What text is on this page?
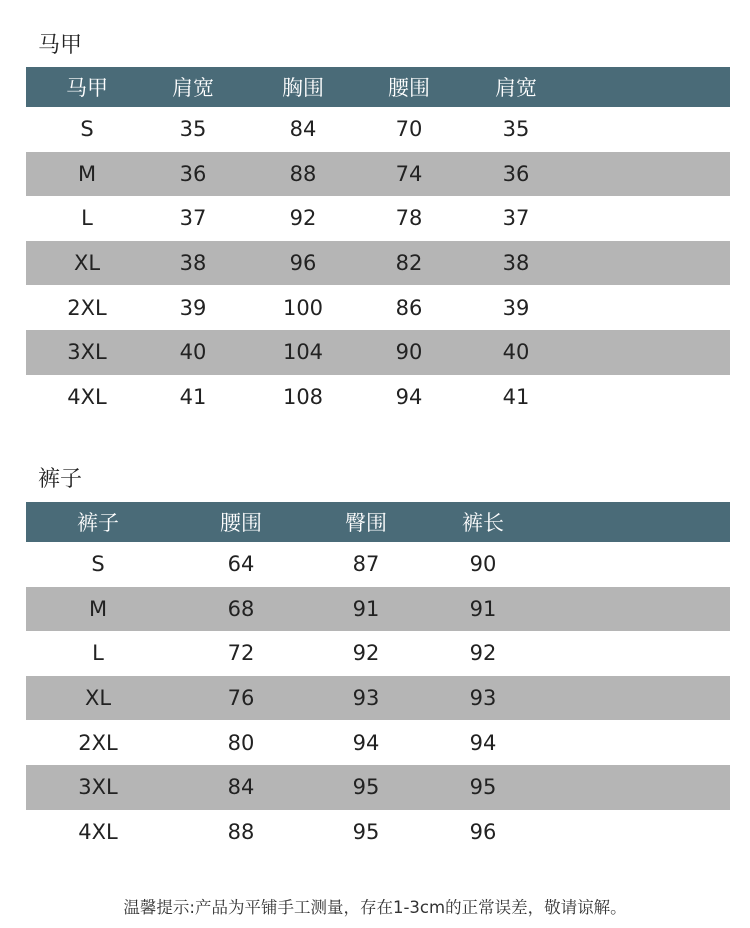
马甲
马甲	肩宽	胸围	腰围	肩宽
S	35	84	70	35
M	36	88	74	36
L	37	92	78	37
XL	38	96	82	38
2XL	39	100	86	39
3XL	40	104	90	40
4XL	41	108	94	41
裤子
裤子	腰围	臀围	裤长
S	64	87	90
M	68	91	91
L	72	92	92
XL	76	93	93
2XL	80	94	94
3XL	84	95	95
4XL	88	95	96
温馨提示:产品为平铺手工测量，存在1-3cm的正常误差，敬请谅解。
